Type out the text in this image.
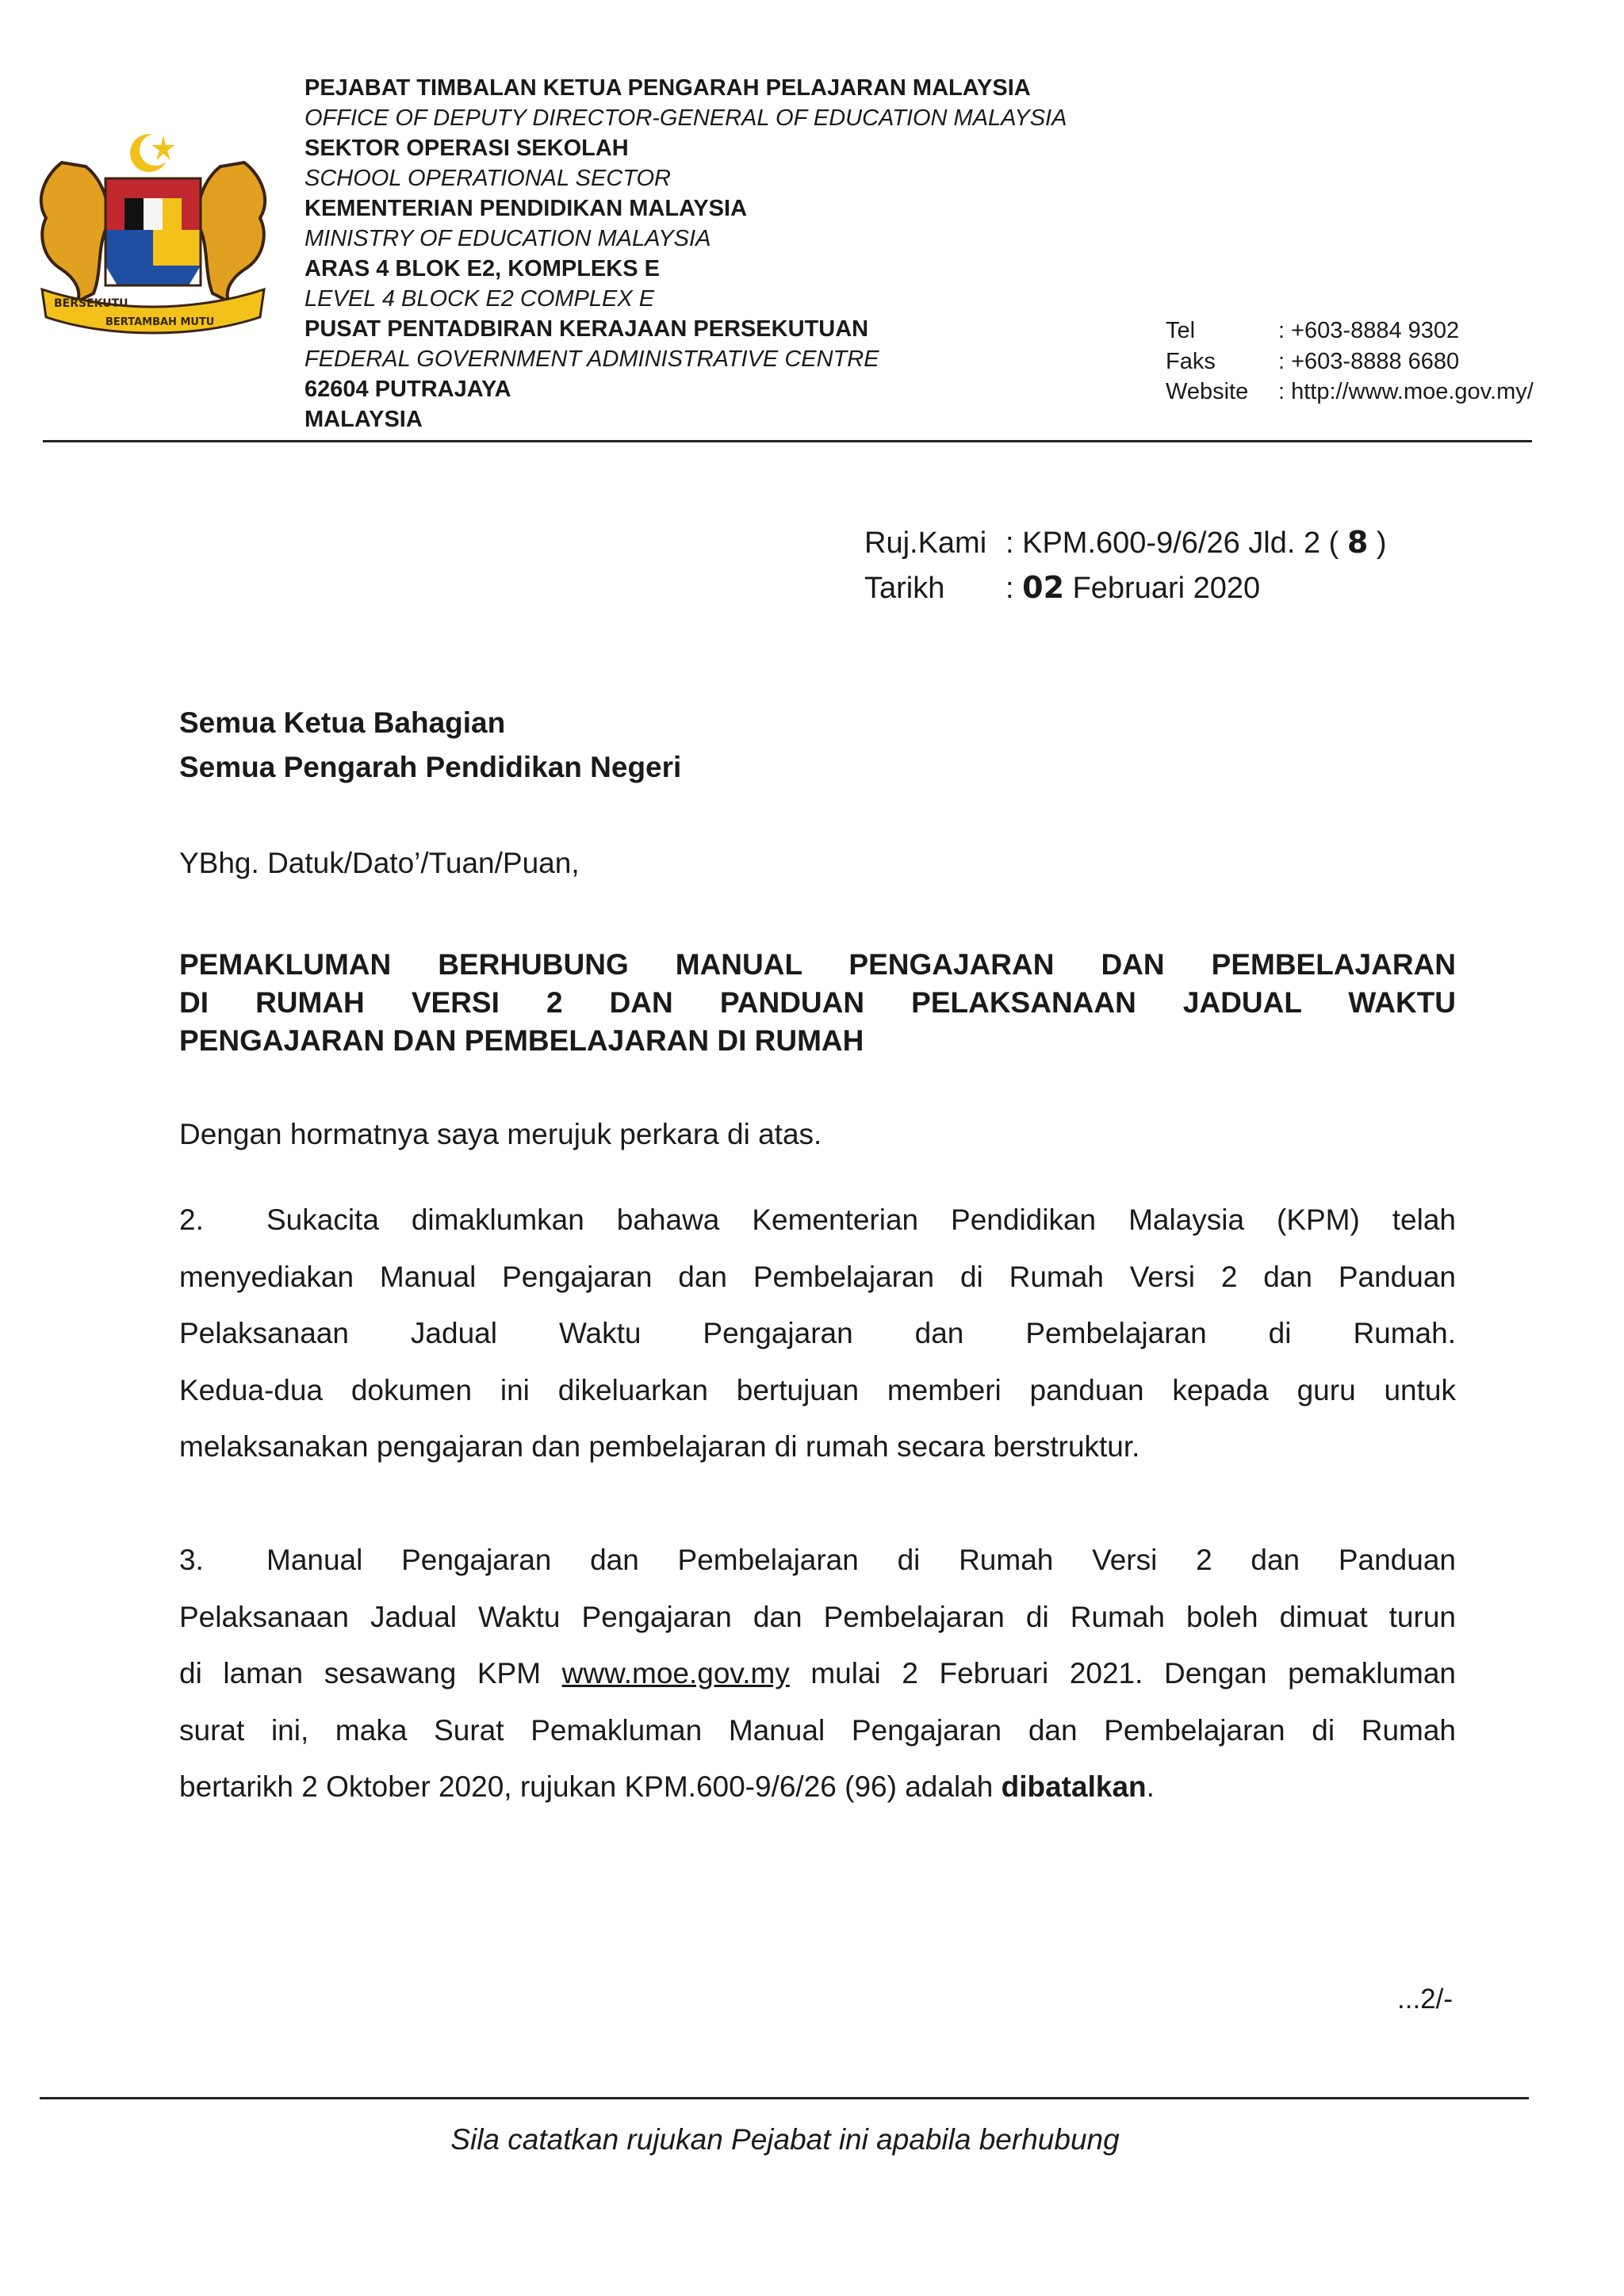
BERSEKUTU
BERTAMBAH MUTU
PEJABAT TIMBALAN KETUA PENGARAH PELAJARAN MALAYSIA
OFFICE OF DEPUTY DIRECTOR-GENERAL OF EDUCATION MALAYSIA
SEKTOR OPERASI SEKOLAH
SCHOOL OPERATIONAL SECTOR
KEMENTERIAN PENDIDIKAN MALAYSIA
MINISTRY OF EDUCATION MALAYSIA
ARAS 4 BLOK E2, KOMPLEKS E
LEVEL 4 BLOCK E2 COMPLEX E
PUSAT PENTADBIRAN KERAJAAN PERSEKUTUAN
FEDERAL GOVERNMENT ADMINISTRATIVE CENTRE
62604 PUTRAJAYA
MALAYSIA
Tel	: +603-8884 9302
Faks	: +603-8888 6680
Website : http://www.moe.gov.my/
Ruj.Kami : KPM.600-9/6/26 Jld. 2 ( 8 )
Tarikh : 02 Februari 2020
Semua Ketua Bahagian
Semua Pengarah Pendidikan Negeri
YBhg. Datuk/Dato’/Tuan/Puan,
PEMAKLUMAN BERHUBUNG MANUAL PENGAJARAN DAN PEMBELAJARAN
DI RUMAH VERSI 2 DAN PANDUAN PELAKSANAAN JADUAL WAKTU
PENGAJARAN DAN PEMBELAJARAN DI RUMAH
Dengan hormatnya saya merujuk perkara di atas.
2. Sukacita dimaklumkan bahawa Kementerian Pendidikan Malaysia (KPM) telah
menyediakan Manual Pengajaran dan Pembelajaran di Rumah Versi 2 dan Panduan
Pelaksanaan Jadual Waktu Pengajaran dan Pembelajaran di Rumah.
Kedua-dua dokumen ini dikeluarkan bertujuan memberi panduan kepada guru untuk
melaksanakan pengajaran dan pembelajaran di rumah secara berstruktur.
3. Manual Pengajaran dan Pembelajaran di Rumah Versi 2 dan Panduan
Pelaksanaan Jadual Waktu Pengajaran dan Pembelajaran di Rumah boleh dimuat turun
di laman sesawang KPM www.moe.gov.my mulai 2 Februari 2021. Dengan pemakluman
surat ini, maka Surat Pemakluman Manual Pengajaran dan Pembelajaran di Rumah
bertarikh 2 Oktober 2020, rujukan KPM.600-9/6/26 (96) adalah dibatalkan.
...2/-
Sila catatkan rujukan Pejabat ini apabila berhubung
